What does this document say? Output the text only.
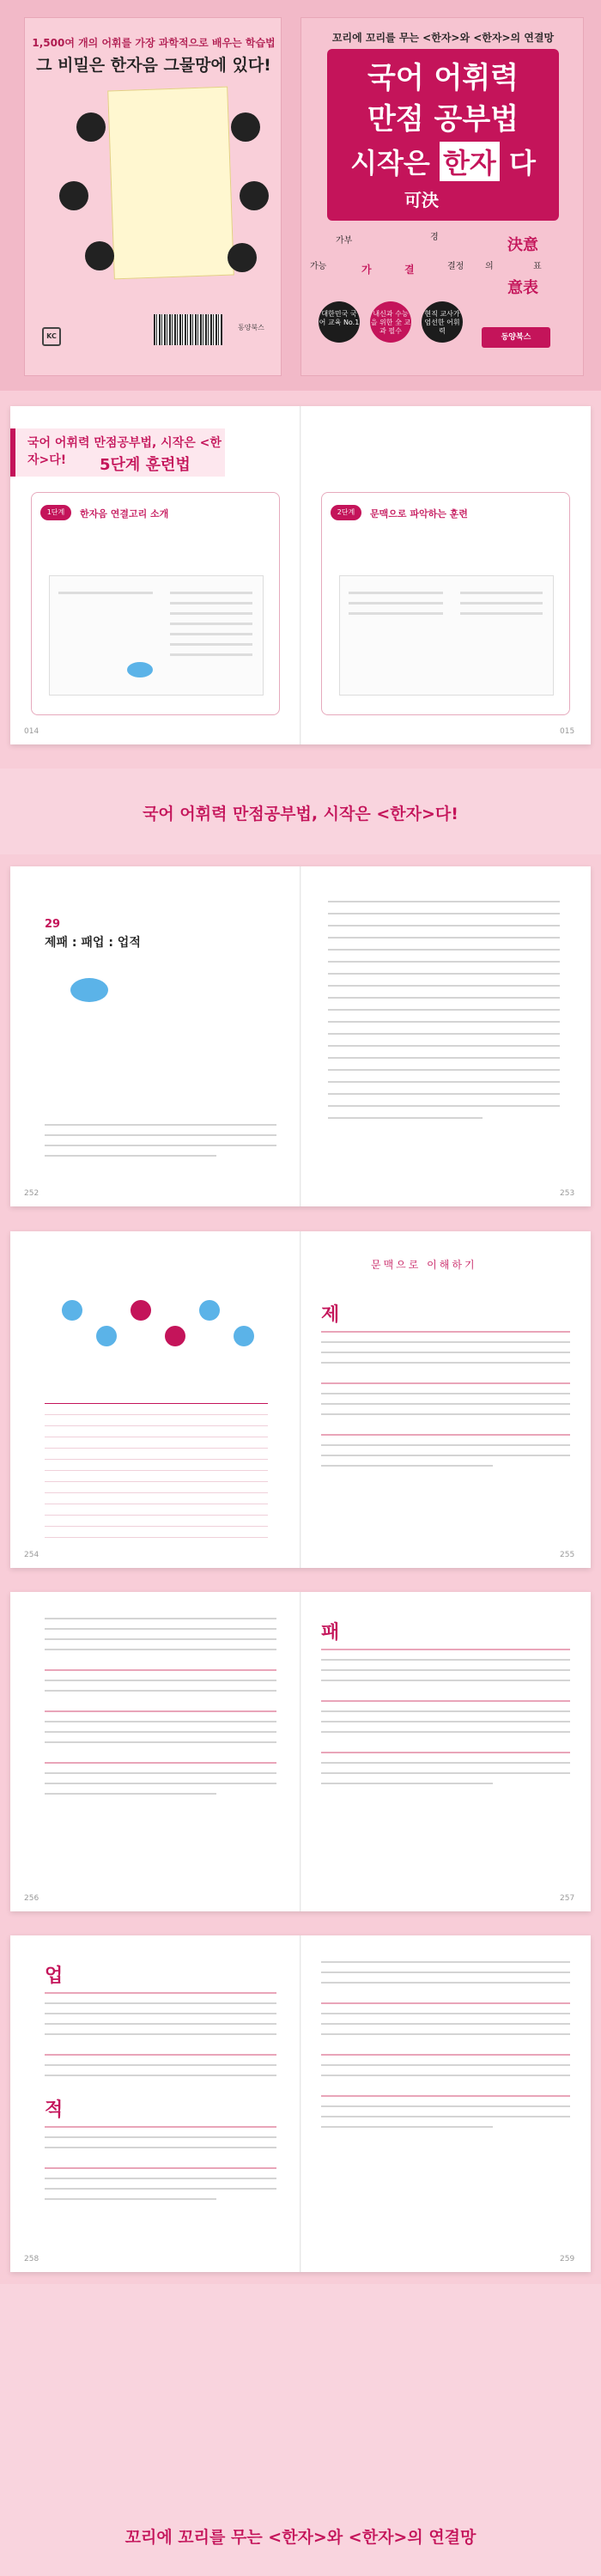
1,500여 개의 어휘를 가장 과학적으로 배우는 학습법
그 비밀은 한자음 그물망에 있다!
KC
동양북스
꼬리에 꼬리를 무는 <한자>와 <한자>의 연결망
국어 어휘력
만점 공부법
시작은 한자 다
可決
決意
意表
가부	경
가능	가	결	결정 의	표
대한민국 국어 교육 No.1
내신과 수능을 위한 全 교과 필수
현직 교사가 엄선한 어휘력
동양북스
국어 어휘력 만점공부법, 시작은 <한자>다!	5단계 훈련법
1단계	한자음 연결고리 소개	2단계	문맥으로 파악하는 훈련
014	015
국어 어휘력 만점공부법, 시작은 <한자>다!
29
제패 : 패업 : 업적
252	253
문맥으로 이해하기
제
254	255
패
256	257
업
적
258	259
꼬리에 꼬리를 무는 <한자>와 <한자>의 연결망
